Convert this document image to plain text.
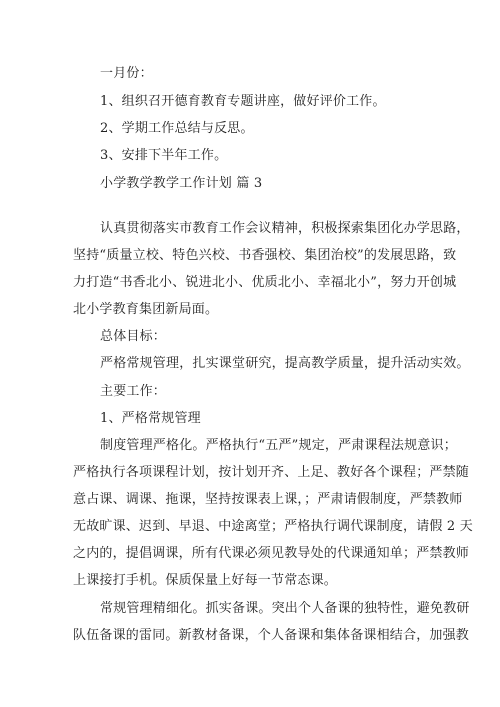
一月份：
1、组织召开德育教育专题讲座，做好评价工作。
2、学期工作总结与反思。
3、安排下半年工作。
小学教学教学工作计划 篇 3
认真贯彻落实市教育工作会议精神，积极探索集团化办学思路，
坚持“质量立校、特色兴校、书香强校、集团治校”的发展思路，致
力打造“书香北小、锐进北小、优质北小、幸福北小”，努力开创城
北小学教育集团新局面。
总体目标：
严格常规管理，扎实课堂研究，提高教学质量，提升活动实效。
主要工作：
1、严格常规管理
制度管理严格化。严格执行“五严”规定，严肃课程法规意识；
严格执行各项课程计划，按计划开齐、上足、教好各个课程；严禁随
意占课、调课、拖课，坚持按课表上课，；严肃请假制度，严禁教师
无故旷课、迟到、早退、中途离堂；严格执行调代课制度，请假 2 天
之内的，提倡调课，所有代课必须见教导处的代课通知单；严禁教师
上课接打手机。保质保量上好每一节常态课。
常规管理精细化。抓实备课。突出个人备课的独特性，避免教研
队伍备课的雷同。新教材备课，个人备课和集体备课相结合，加强教
